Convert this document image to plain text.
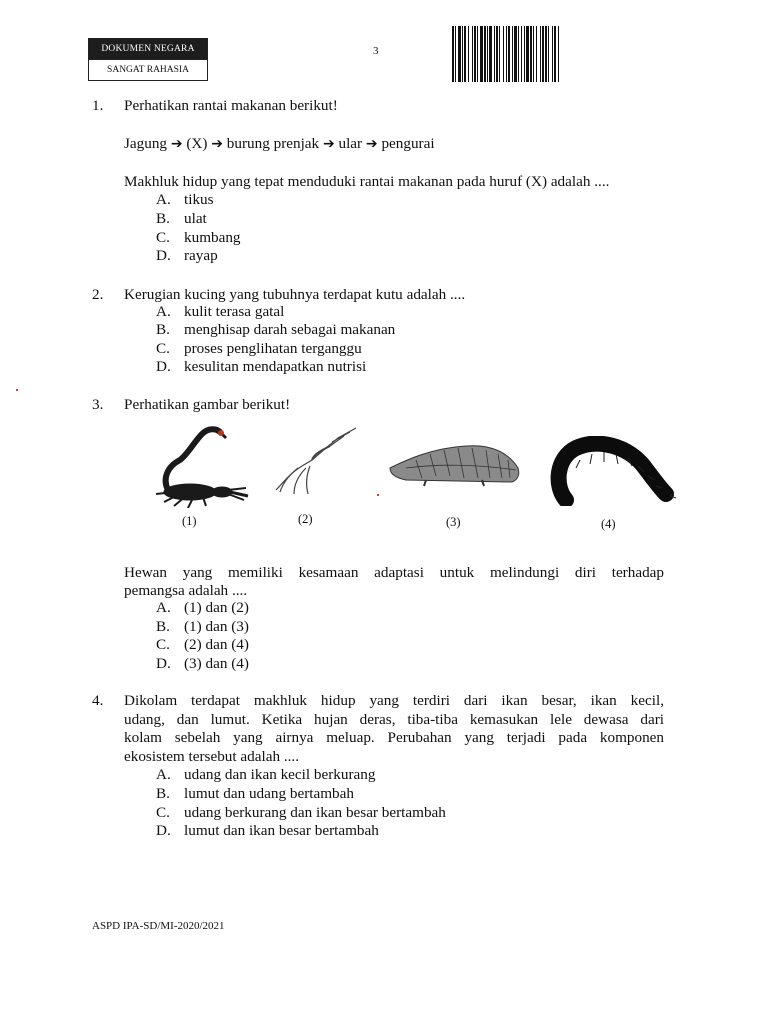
DOKUMEN NEGARA
SANGAT RAHASIA
3
1. Perhatikan rantai makanan berikut!
Jagung ➔ (X) ➔ burung prenjak ➔ ular ➔ pengurai
Makhluk hidup yang tepat menduduki rantai makanan pada huruf (X) adalah ....
A. tikus
B. ulat
C. kumbang
D. rayap
2. Kerugian kucing yang tubuhnya terdapat kutu adalah ....
A. kulit terasa gatal
B. menghisap darah sebagai makanan
C. proses penglihatan terganggu
D. kesulitan mendapatkan nutrisi
3. Perhatikan gambar berikut!
(1)	(2)	(3)	(4)
Hewan yang memiliki kesamaan adaptasi untuk melindungi diri terhadap
pemangsa adalah ....
A. (1) dan (2)
B. (1) dan (3)
C. (2) dan (4)
D. (3) dan (4)
4. Dikolam terdapat makhluk hidup yang terdiri dari ikan besar, ikan kecil,
udang, dan lumut. Ketika hujan deras, tiba-tiba kemasukan lele dewasa dari
kolam sebelah yang airnya meluap. Perubahan yang terjadi pada komponen
ekosistem tersebut adalah ....
A. udang dan ikan kecil berkurang
B. lumut dan udang bertambah
C. udang berkurang dan ikan besar bertambah
D. lumut dan ikan besar bertambah
ASPD IPA-SD/MI-2020/2021
